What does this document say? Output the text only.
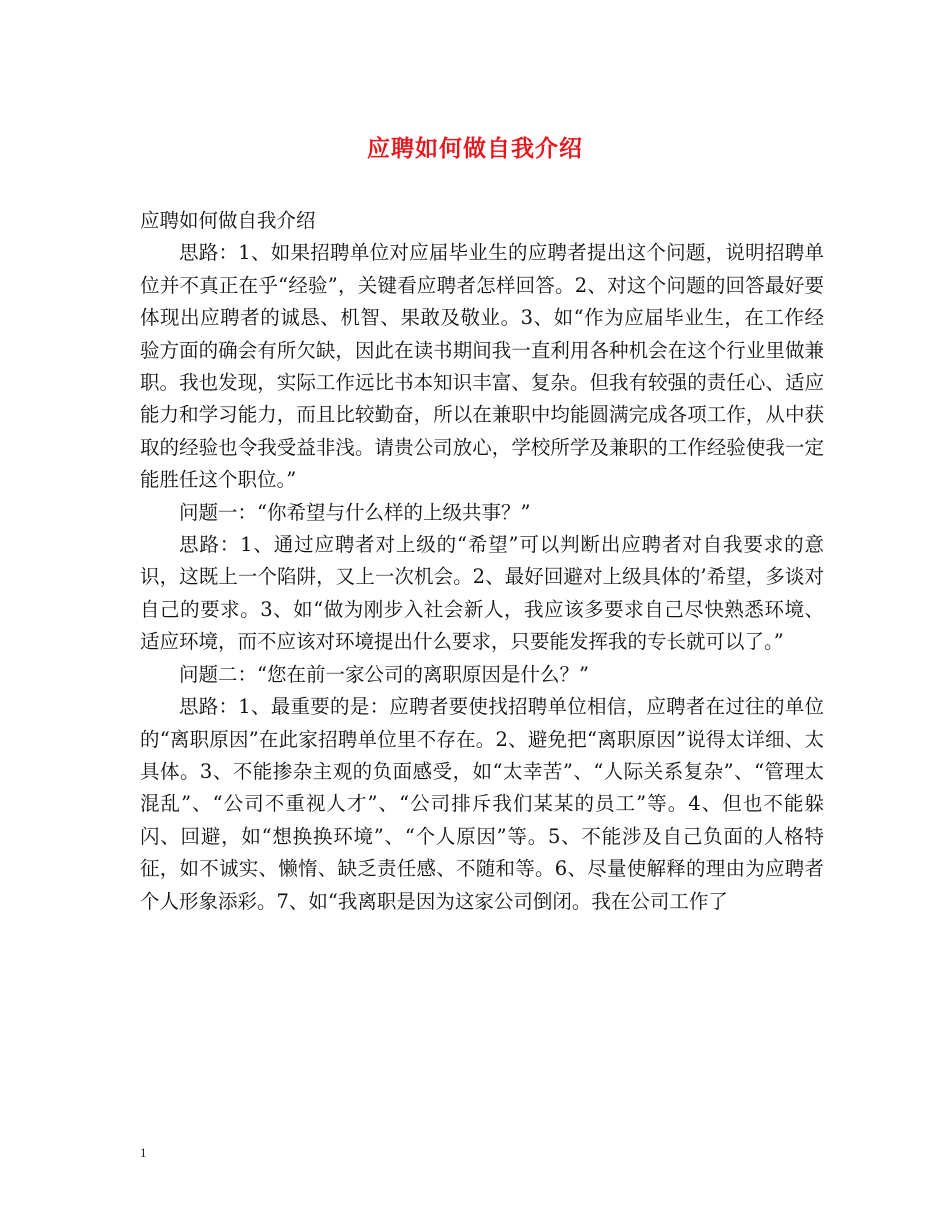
应聘如何做自我介绍

应聘如何做自我介绍

思路：1、如果招聘单位对应届毕业生的应聘者提出这个问题，说明招聘单位并不真正在乎“经验”，关键看应聘者怎样回答。2、对这个问题的回答最好要体现出应聘者的诚恳、机智、果敢及敬业。3、如“作为应届毕业生，在工作经验方面的确会有所欠缺，因此在读书期间我一直利用各种机会在这个行业里做兼职。我也发现，实际工作远比书本知识丰富、复杂。但我有较强的责任心、适应能力和学习能力，而且比较勤奋，所以在兼职中均能圆满完成各项工作，从中获取的经验也令我受益非浅。请贵公司放心，学校所学及兼职的工作经验使我一定能胜任这个职位。”

问题一：“你希望与什么样的上级共事？”

思路：1、通过应聘者对上级的“希望”可以判断出应聘者对自我要求的意识，这既上一个陷阱，又上一次机会。2、最好回避对上级具体的’希望，多谈对自己的要求。3、如“做为刚步入社会新人，我应该多要求自己尽快熟悉环境、适应环境，而不应该对环境提出什么要求，只要能发挥我的专长就可以了。”

问题二：“您在前一家公司的离职原因是什么？”

思路：1、最重要的是：应聘者要使找招聘单位相信，应聘者在过往的单位的“离职原因”在此家招聘单位里不存在。2、避免把“离职原因”说得太详细、太具体。3、不能掺杂主观的负面感受，如“太幸苦”、“人际关系复杂”、“管理太混乱”、“公司不重视人才”、“公司排斥我们某某的员工”等。4、但也不能躲闪、回避，如“想换换环境”、“个人原因”等。5、不能涉及自己负面的人格特征，如不诚实、懒惰、缺乏责任感、不随和等。6、尽量使解释的理由为应聘者个人形象添彩。7、如“我离职是因为这家公司倒闭。我在公司工作了

1
